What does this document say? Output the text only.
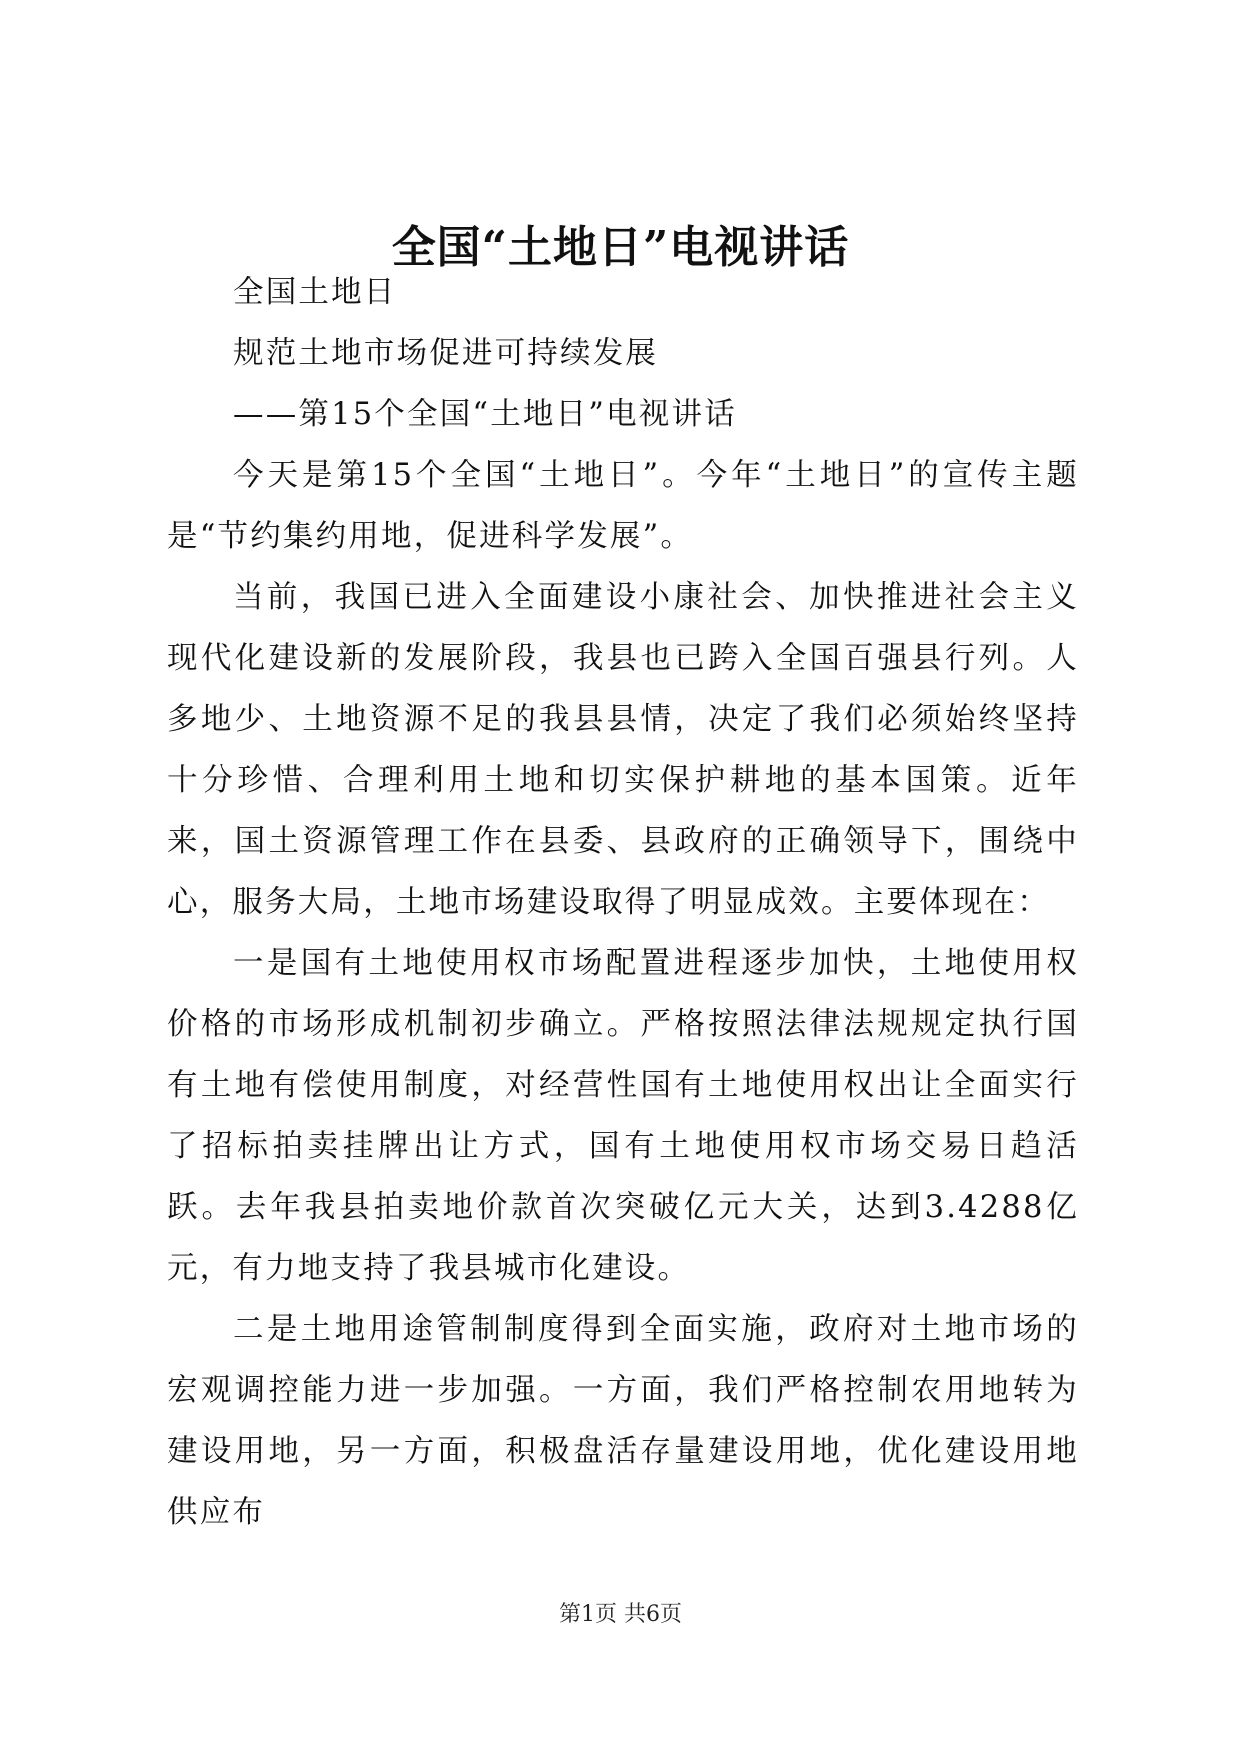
全国“土地日”电视讲话

全国土地日

规范土地市场促进可持续发展

——第15个全国“土地日”电视讲话

今天是第15个全国“土地日”。今年“土地日”的宣传主题是“节约集约用地，促进科学发展”。

当前，我国已进入全面建设小康社会、加快推进社会主义现代化建设新的发展阶段，我县也已跨入全国百强县行列。人多地少、土地资源不足的我县县情，决定了我们必须始终坚持十分珍惜、合理利用土地和切实保护耕地的基本国策。近年来，国土资源管理工作在县委、县政府的正确领导下，围绕中心，服务大局，土地市场建设取得了明显成效。主要体现在：

一是国有土地使用权市场配置进程逐步加快，土地使用权价格的市场形成机制初步确立。严格按照法律法规规定执行国有土地有偿使用制度，对经营性国有土地使用权出让全面实行了招标拍卖挂牌出让方式，国有土地使用权市场交易日趋活跃。去年我县拍卖地价款首次突破亿元大关，达到3.4288亿元，有力地支持了我县城市化建设。

二是土地用途管制制度得到全面实施，政府对土地市场的宏观调控能力进一步加强。一方面，我们严格控制农用地转为建设用地，另一方面，积极盘活存量建设用地，优化建设用地供应布

第1页 共6页
